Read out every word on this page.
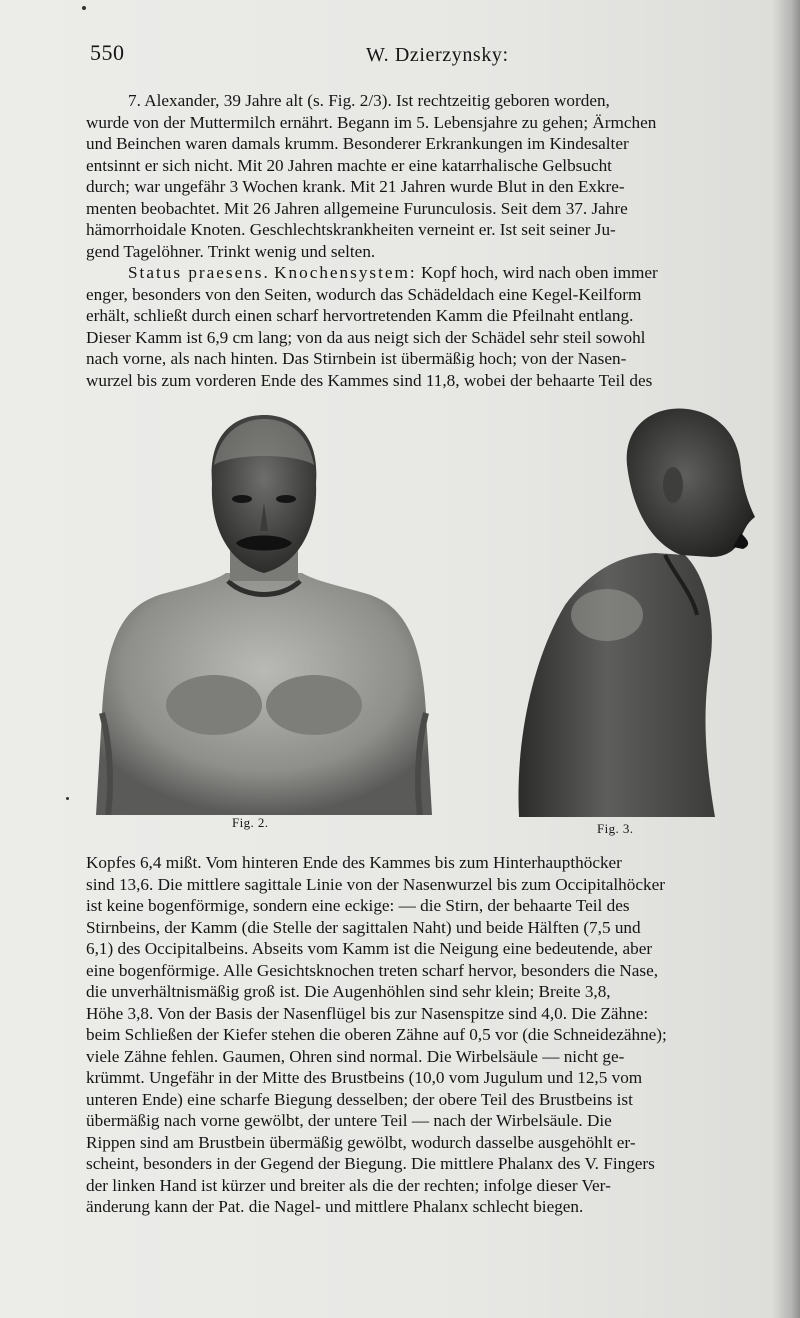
550	W. Dzierzynsky:
7. Alexander, 39 Jahre alt (s. Fig. 2/3). Ist rechtzeitig geboren worden,
wurde von der Muttermilch ernährt. Begann im 5. Lebensjahre zu gehen; Ärmchen
und Beinchen waren damals krumm. Besonderer Erkrankungen im Kindesalter
entsinnt er sich nicht. Mit 20 Jahren machte er eine katarrhalische Gelbsucht
durch; war ungefähr 3 Wochen krank. Mit 21 Jahren wurde Blut in den Exkre-
menten beobachtet. Mit 26 Jahren allgemeine Furunculosis. Seit dem 37. Jahre
hämorrhoidale Knoten. Geschlechtskrankheiten verneint er. Ist seit seiner Ju-
gend Tagelöhner. Trinkt wenig und selten.
Status praesens. Knochensystem: Kopf hoch, wird nach oben immer
enger, besonders von den Seiten, wodurch das Schädeldach eine Kegel-Keilform
erhält, schließt durch einen scharf hervortretenden Kamm die Pfeilnaht entlang.
Dieser Kamm ist 6,9 cm lang; von da aus neigt sich der Schädel sehr steil sowohl
nach vorne, als nach hinten. Das Stirnbein ist übermäßig hoch; von der Nasen-
wurzel bis zum vorderen Ende des Kammes sind 11,8, wobei der behaarte Teil des
Fig. 2.	Fig. 3.
Kopfes 6,4 mißt. Vom hinteren Ende des Kammes bis zum Hinterhaupthöcker
sind 13,6. Die mittlere sagittale Linie von der Nasenwurzel bis zum Occipitalhöcker
ist keine bogenförmige, sondern eine eckige: — die Stirn, der behaarte Teil des
Stirnbeins, der Kamm (die Stelle der sagittalen Naht) und beide Hälften (7,5 und
6,1) des Occipitalbeins. Abseits vom Kamm ist die Neigung eine bedeutende, aber
eine bogenförmige. Alle Gesichtsknochen treten scharf hervor, besonders die Nase,
die unverhältnismäßig groß ist. Die Augenhöhlen sind sehr klein; Breite 3,8,
Höhe 3,8. Von der Basis der Nasenflügel bis zur Nasenspitze sind 4,0. Die Zähne:
beim Schließen der Kiefer stehen die oberen Zähne auf 0,5 vor (die Schneidezähne);
viele Zähne fehlen. Gaumen, Ohren sind normal. Die Wirbelsäule — nicht ge-
krümmt. Ungefähr in der Mitte des Brustbeins (10,0 vom Jugulum und 12,5 vom
unteren Ende) eine scharfe Biegung desselben; der obere Teil des Brustbeins ist
übermäßig nach vorne gewölbt, der untere Teil — nach der Wirbelsäule. Die
Rippen sind am Brustbein übermäßig gewölbt, wodurch dasselbe ausgehöhlt er-
scheint, besonders in der Gegend der Biegung. Die mittlere Phalanx des V. Fingers
der linken Hand ist kürzer und breiter als die der rechten; infolge dieser Ver-
änderung kann der Pat. die Nagel- und mittlere Phalanx schlecht biegen.
